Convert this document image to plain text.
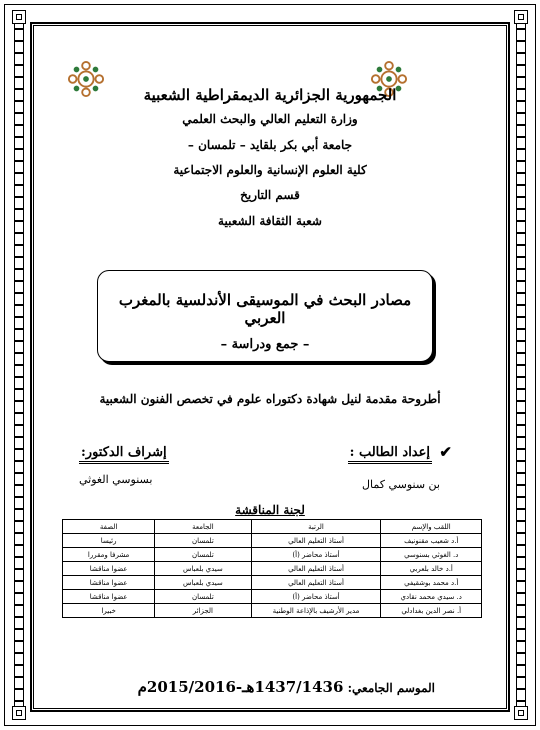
الجمهورية الجزائرية الديمقراطية الشعبية
وزارة التعليم العالي والبحث العلمي
جامعة أبي بكر بلقايد – تلمسان –
كلية العلوم الإنسانية والعلوم الاجتماعية
قسم التاريخ
شعبة الثقافة الشعبية
مصادر البحث في الموسيقى الأندلسية بالمغرب العربي
– جمع ودراسة –
أطروحة مقدمة لنيل شهادة دكتوراه علوم في تخصص الفنون الشعبية
إعداد الطالب : ✔
بن سنوسي كمال
إشراف الدكتور:
بسنوسي الغوثي
لجنة المناقشة
اللقب والإسم	الرتبة	الجامعة	الصفة
أ.د شعيب مقنونيف	أستاذ التعليم العالي	تلمسان	رئيسا
د. الغوثي بسنوسي	أستاذ محاضر (أ)	تلمسان	مشرفا ومقررا
أ.د خالد بلعربي	أستاذ التعليم العالي	سيدي بلعباس	عضوا مناقشا
أ.د محمد بوشقيفي	أستاذ التعليم العالي	سيدي بلعباس	عضوا مناقشا
د. سيدي محمد نقادي	أستاذ محاضر (أ)	تلمسان	عضوا مناقشا
أ. نصر الدين بغدادلي	مدير الأرشيف بالإذاعة الوطنية	الجزائر	خبيرا
الموسم الجامعي: 1437/1436هـ-2015/2016م
